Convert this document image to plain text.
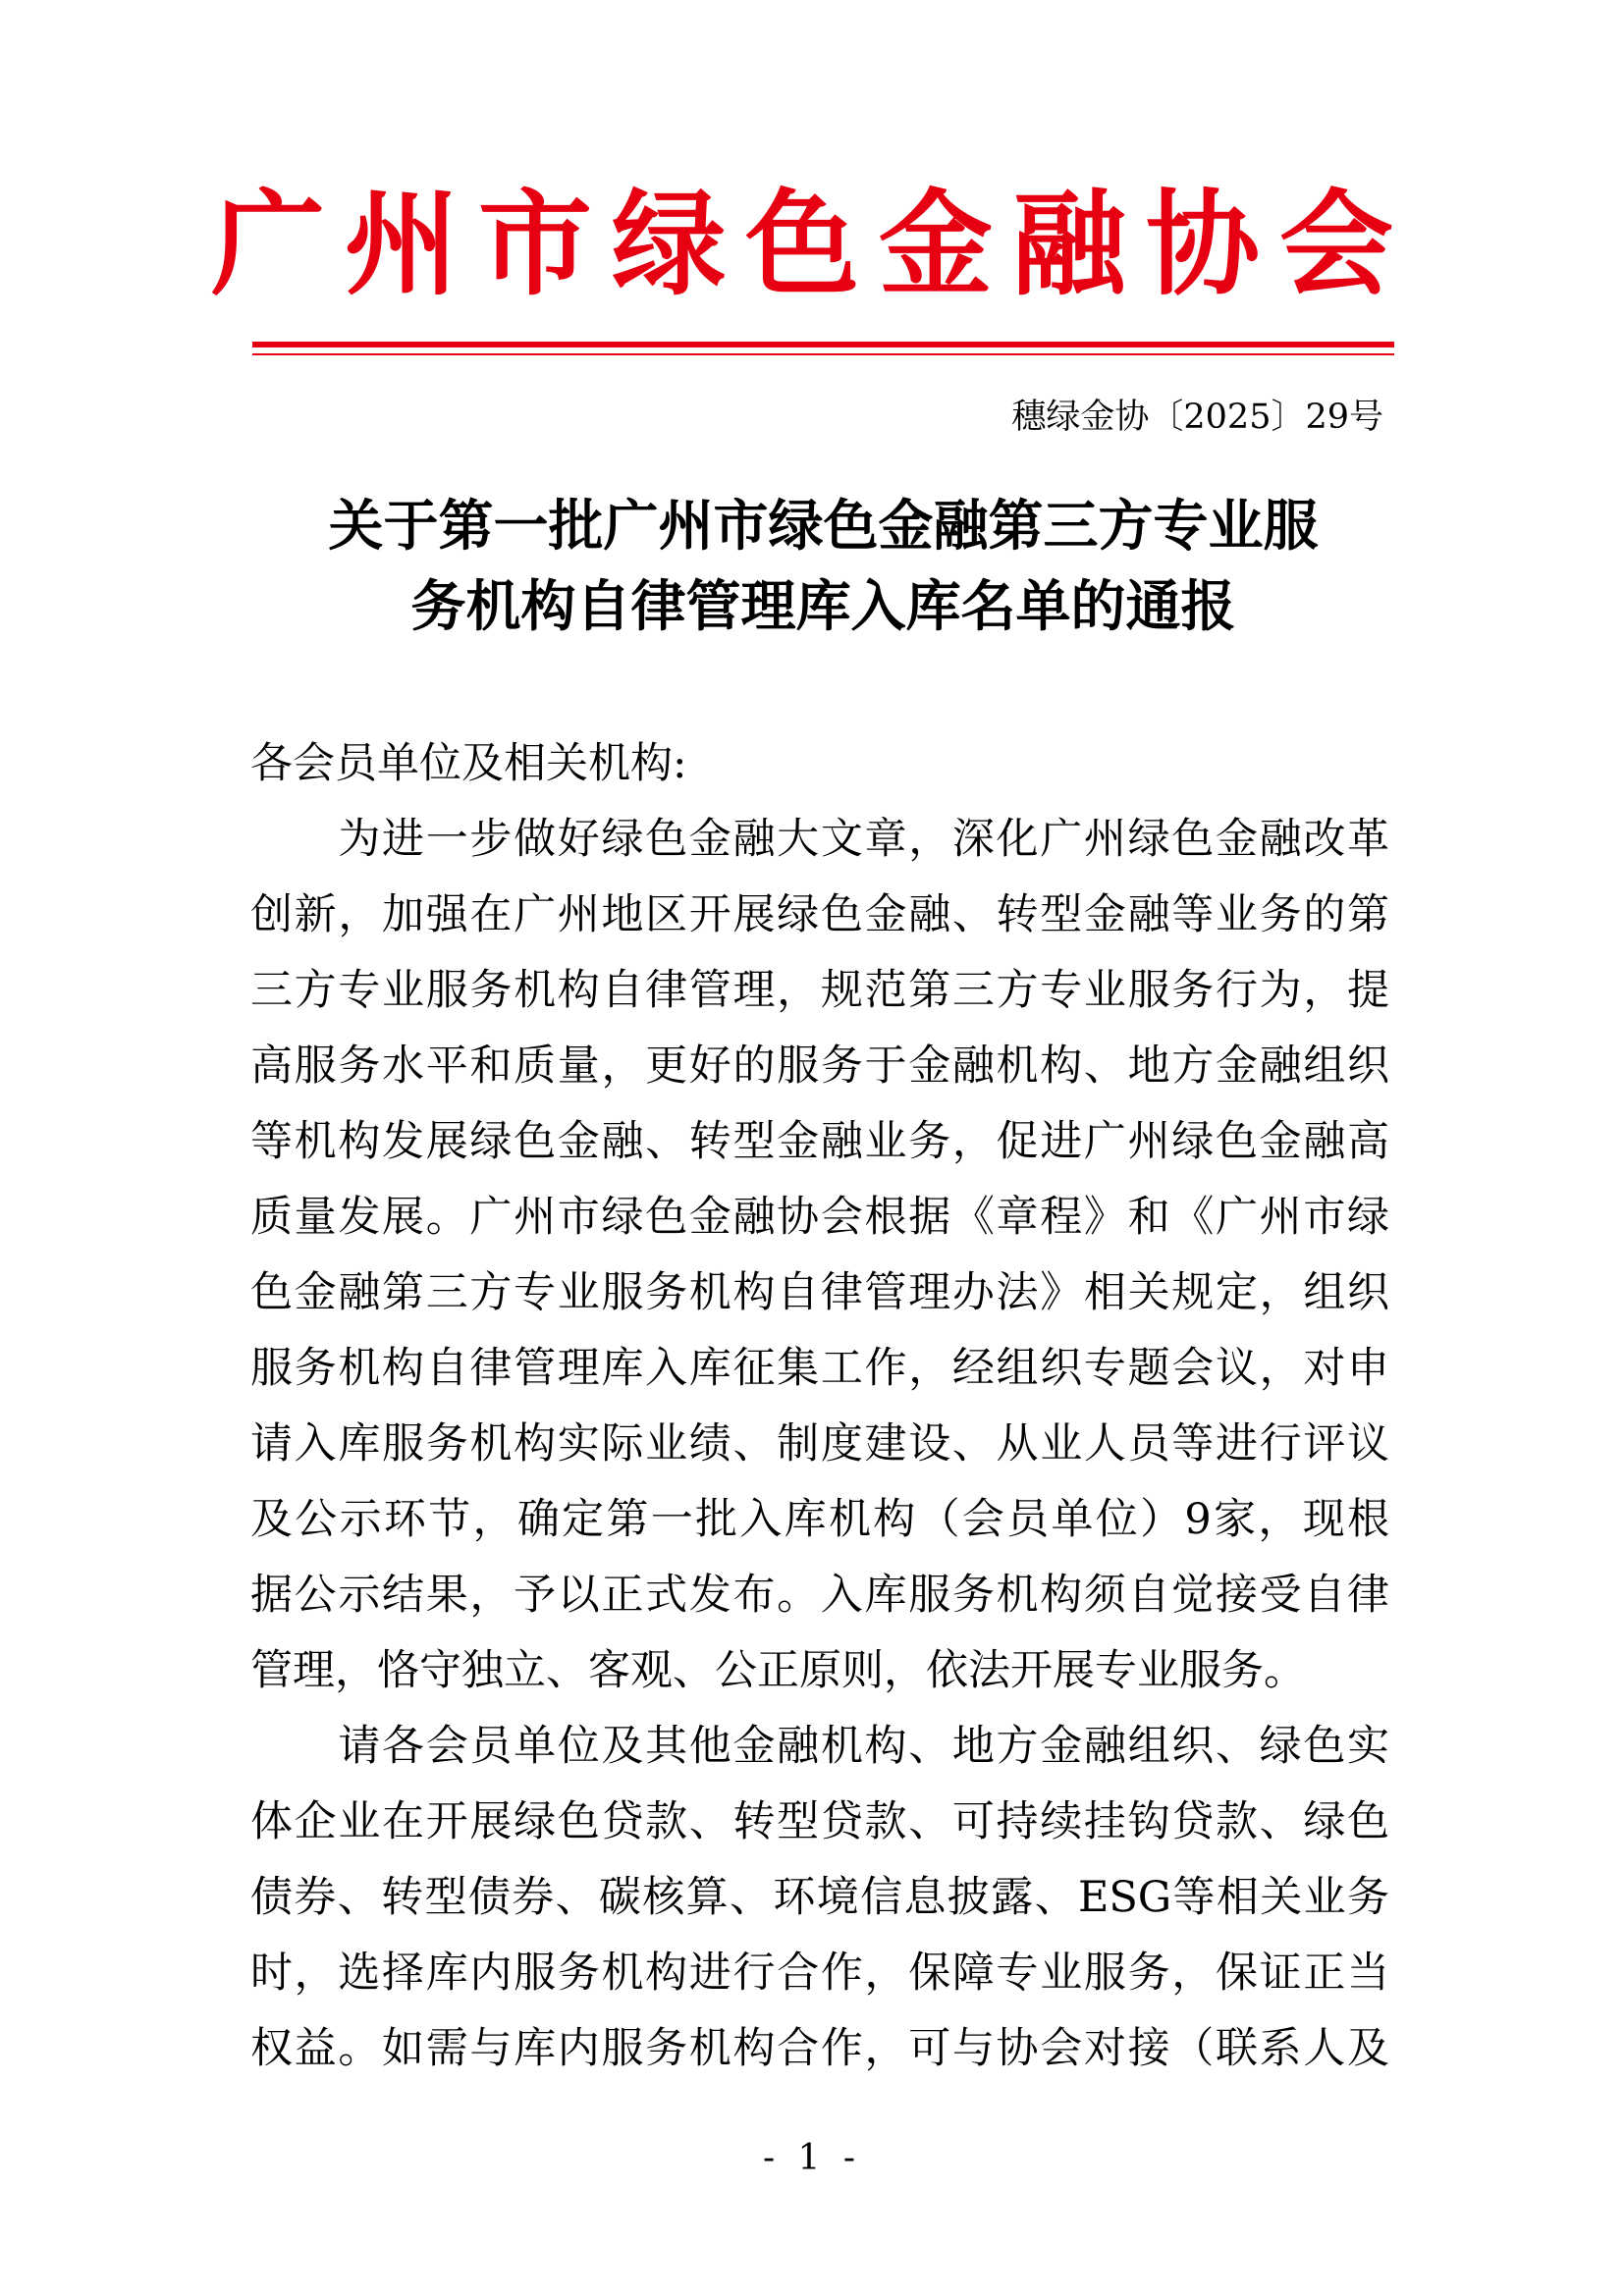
广州市绿色金融协会
穗绿金协〔2025〕29号
关于第一批广州市绿色金融第三方专业服
务机构自律管理库入库名单的通报
各会员单位及相关机构:
　　为进一步做好绿色金融大文章，深化广州绿色金融改革
创新，加强在广州地区开展绿色金融、转型金融等业务的第
三方专业服务机构自律管理，规范第三方专业服务行为，提
高服务水平和质量，更好的服务于金融机构、地方金融组织
等机构发展绿色金融、转型金融业务，促进广州绿色金融高
质量发展。广州市绿色金融协会根据《章程》和《广州市绿
色金融第三方专业服务机构自律管理办法》相关规定，组织
服务机构自律管理库入库征集工作，经组织专题会议，对申
请入库服务机构实际业绩、制度建设、从业人员等进行评议
及公示环节，确定第一批入库机构（会员单位）9家，现根
据公示结果，予以正式发布。入库服务机构须自觉接受自律
管理，恪守独立、客观、公正原则，依法开展专业服务。
　　请各会员单位及其他金融机构、地方金融组织、绿色实
体企业在开展绿色贷款、转型贷款、可持续挂钩贷款、绿色
债券、转型债券、碳核算、环境信息披露、ESG等相关业务
时，选择库内服务机构进行合作，保障专业服务，保证正当
权益。如需与库内服务机构合作，可与协会对接（联系人及
- 1 -
